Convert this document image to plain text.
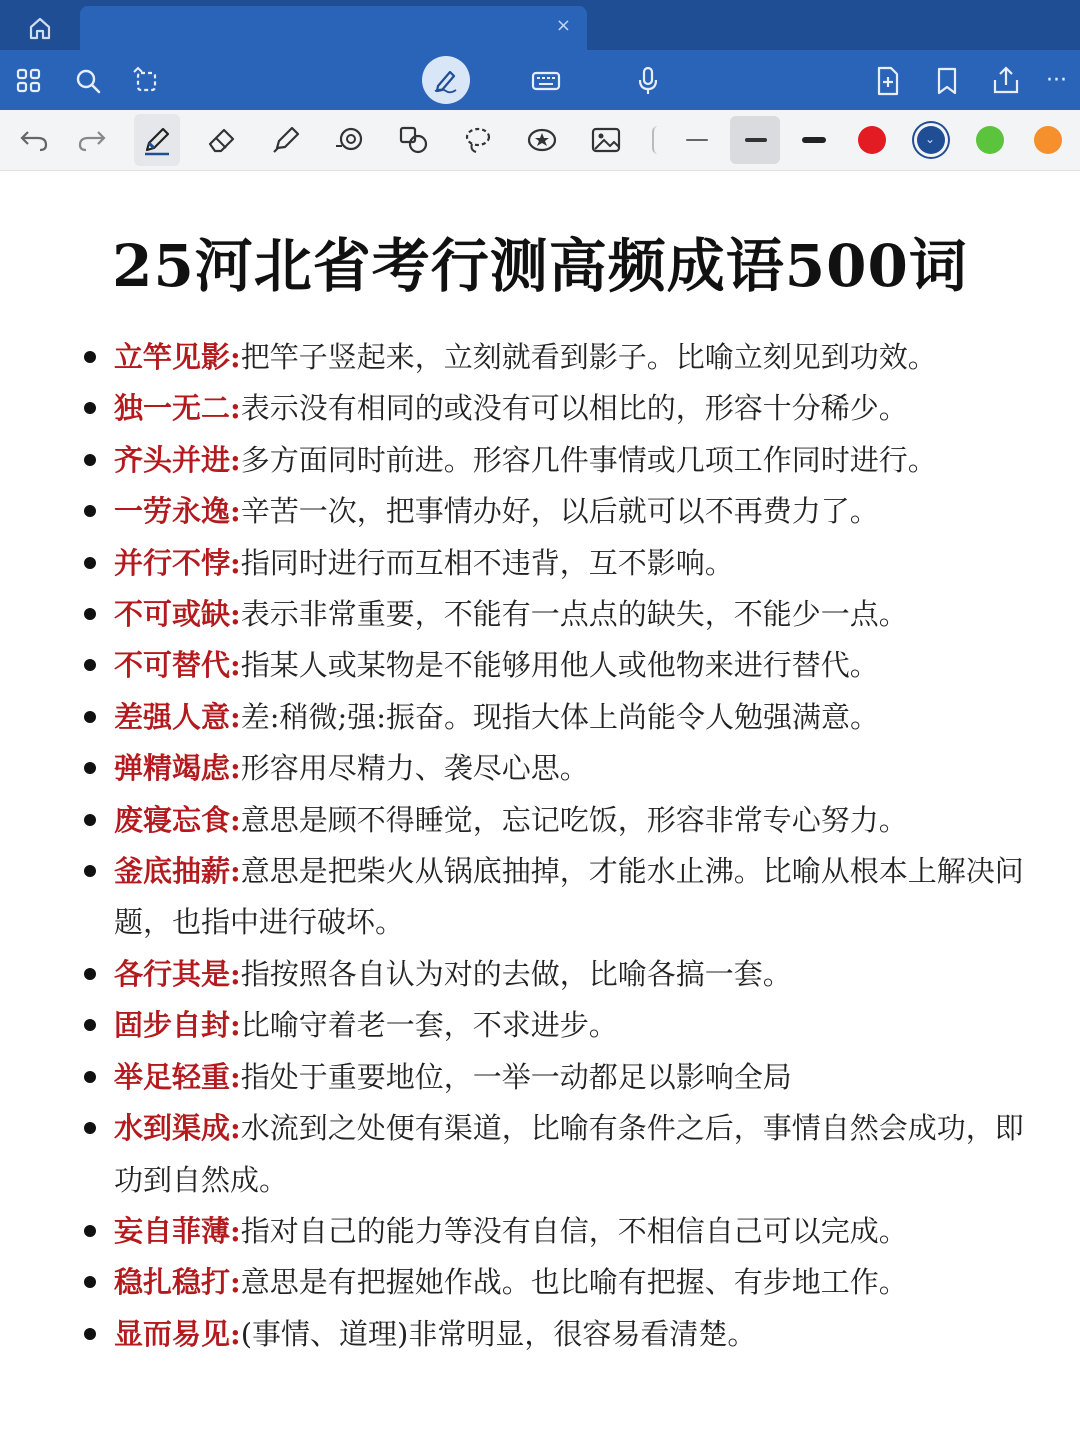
×
···
⌄
25河北省考行测高频成语500词
立竿见影:把竿子竖起来，立刻就看到影子。比喻立刻见到功效。
独一无二:表示没有相同的或没有可以相比的，形容十分稀少。
齐头并进:多方面同时前进。形容几件事情或几项工作同时进行。
一劳永逸:辛苦一次，把事情办好，以后就可以不再费力了。
并行不悖:指同时进行而互相不违背，互不影响。
不可或缺:表示非常重要，不能有一点点的缺失，不能少一点。
不可替代:指某人或某物是不能够用他人或他物来进行替代。
差强人意:差:稍微;强:振奋。现指大体上尚能令人勉强满意。
弹精竭虑:形容用尽精力、袭尽心思。
废寝忘食:意思是顾不得睡觉，忘记吃饭，形容非常专心努力。
釜底抽薪:意思是把柴火从锅底抽掉，才能水止沸。比喻从根本上解决问题，也指中进行破坏。
各行其是:指按照各自认为对的去做，比喻各搞一套。
固步自封:比喻守着老一套，不求进步。
举足轻重:指处于重要地位，一举一动都足以影响全局
水到渠成:水流到之处便有渠道，比喻有条件之后，事情自然会成功，即功到自然成。
妄自菲薄:指对自己的能力等没有自信，不相信自己可以完成。
稳扎稳打:意思是有把握她作战。也比喻有把握、有步地工作。
显而易见:(事情、道理)非常明显，很容易看清楚。
